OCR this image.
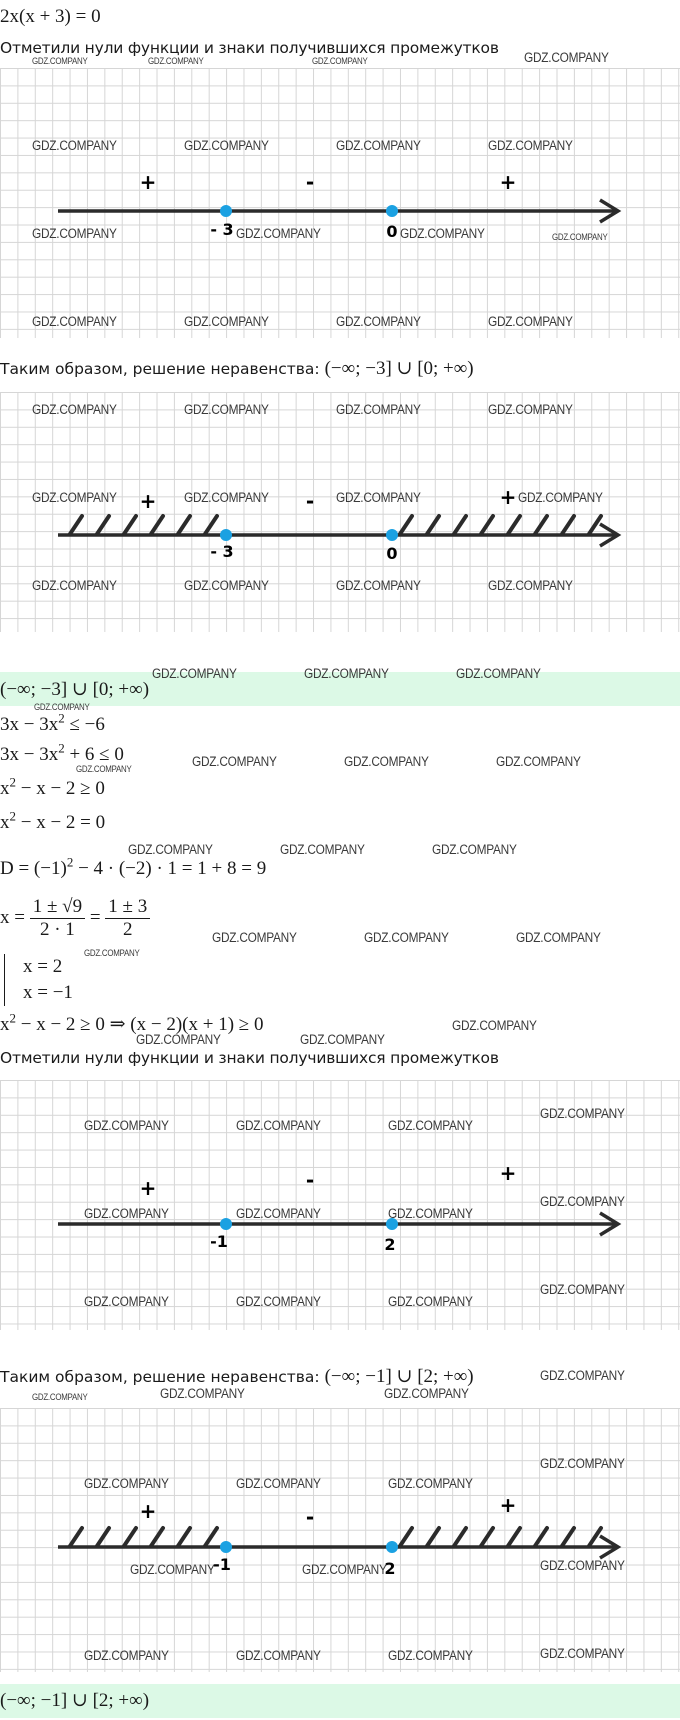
2x(x + 3) = 0
Отметили нули функции и знаки получившихся промежутков
+	-	+
- 3	0
Таким образом, решение неравенства: (−∞; −3] ∪ [0; +∞)
+	-	+
- 3	0
(−∞; −3] ∪ [0; +∞)
$3x - 3x^2 \le -6$
$3x - 3x^2 + 6 \le 0$
$x^2 - x - 2 \ge 0$
$x^2 - x - 2 = 0$
$D = (-1)^2 - 4 \cdot (-2) \cdot 1 = 1 + 8 = 9$
$x = \frac{1 \pm √9}{2 \cdot 1} = \frac{1 \pm 3}{2}$
x = 2
x = −1
$x^2 - x - 2 \ge 0$ ⇒ (x − 2)(x + 1) ≥ 0
Отметили нули функции и знаки получившихся промежутков
+	-	+
-1	2
Таким образом, решение неравенства: (−∞; −1] ∪ [2; +∞)
+	-	+
-1	2
(−∞; −1] ∪ [2; +∞)
GDZ.COMPANY	GDZ.COMPANY	GDZ.COMPANY	GDZ.COMPANY
GDZ.COMPANY	GDZ.COMPANY	GDZ.COMPANY	GDZ.COMPANY
GDZ.COMPANY	GDZ.COMPANY	GDZ.COMPANY	GDZ.COMPANY
GDZ.COMPANY	GDZ.COMPANY	GDZ.COMPANY	GDZ.COMPANY
GDZ.COMPANY	GDZ.COMPANY	GDZ.COMPANY	GDZ.COMPANY
GDZ.COMPANY	GDZ.COMPANY	GDZ.COMPANY	GDZ.COMPANY
GDZ.COMPANY	GDZ.COMPANY	GDZ.COMPANY	GDZ.COMPANY
GDZ.COMPANY	GDZ.COMPANY	GDZ.COMPANY
GDZ.COMPANY
GDZ.COMPANY	GDZ.COMPANY	GDZ.COMPANY
GDZ.COMPANY
GDZ.COMPANY	GDZ.COMPANY	GDZ.COMPANY
GDZ.COMPANY	GDZ.COMPANY	GDZ.COMPANY
GDZ.COMPANY
GDZ.COMPANY
GDZ.COMPANY	GDZ.COMPANY
GDZ.COMPANY	GDZ.COMPANY	GDZ.COMPANY
GDZ.COMPANY
GDZ.COMPANY	GDZ.COMPANY	GDZ.COMPANY
GDZ.COMPANY
GDZ.COMPANY	GDZ.COMPANY	GDZ.COMPANY
GDZ.COMPANY
GDZ.COMPANY
GDZ.COMPANY	GDZ.COMPANY	GDZ.COMPANY
GDZ.COMPANY
GDZ.COMPANY	GDZ.COMPANY	GDZ.COMPANY
GDZ.COMPANY
GDZ.COMPANY	GDZ.COMPANY
GDZ.COMPANY	GDZ.COMPANY	GDZ.COMPANY	GDZ.COMPANY
